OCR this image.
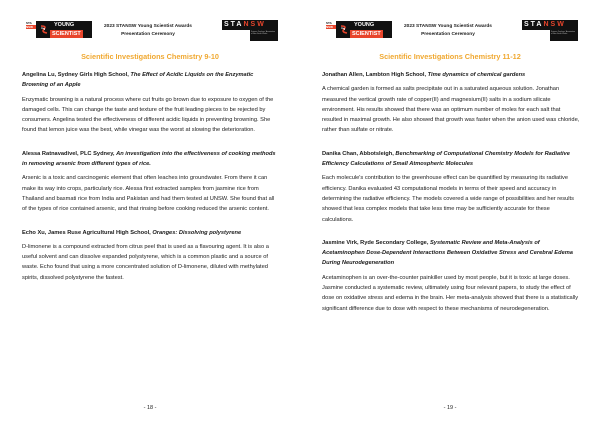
STA
NSW	YOUNG
SCIENTIST
2023 STANSW Young Scientist Awards
Presentation Ceremony
STANSW
Science Teachers' Association of New South Wales
Scientific Investigations Chemistry 9-10

Angelina Lu, Sydney Girls High School, The Effect of Acidic Liquids on the Enzymatic Browning of an Apple

Enzymatic browning is a natural process where cut fruits go brown due to exposure to oxygen of the damaged cells. This can change the taste and texture of the fruit leading pieces to be rejected by consumers. Angelina tested the effectiveness of different acidic liquids in preventing browning. She found that lemon juice was the best, while vinegar was the worst at slowing the deterioration.

Alessa Ratnavadivel, PLC Sydney, An investigation into the effectiveness of cooking methods in removing arsenic from different types of rice.

Arsenic is a toxic and carcinogenic element that often leaches into groundwater. From there it can make its way into crops, particularly rice. Alessa first extracted samples from jasmine rice from Thailand and basmati rice from India and Pakistan and had them tested at UNSW. She found that all of the types of rice contained arsenic, and that rinsing before cooking reduced the arsenic content.

Echo Xu, James Ruse Agricultural High School, Oranges: Dissolving polystyrene

D-limonene is a compound extracted from citrus peel that is used as a flavouring agent. It is also a useful solvent and can dissolve expanded polystyrene, which is a common plastic and a source of waste. Echo found that using a more concentrated solution of D-limonene, diluted with methylated spirits, dissolved polystyrene the fastest.

- 18 -
STA
NSW	YOUNG
SCIENTIST
2023 STANSW Young Scientist Awards
Presentation Ceremony
STANSW
Science Teachers' Association of New South Wales
Scientific Investigations Chemistry 11-12

Jonathan Allen, Lambton High School, Time dynamics of chemical gardens

A chemical garden is formed as salts precipitate out in a saturated aqueous solution. Jonathan measured the vertical growth rate of copper(II) and magnesium(II) salts in a sodium silicate environment. His results showed that there was an optimum number of moles for each salt that resulted in maximal growth. He also showed that growth was faster when the anion used was chloride, rather than sulfate or nitrate.

Danika Chan, Abbotsleigh, Benchmarking of Computational Chemistry Models for Radiative Efficiency Calculations of Small Atmospheric Molecules

Each molecule's contribution to the greenhouse effect can be quantified by measuring its radiative efficiency. Danika evaluated 43 computational models in terms of their speed and accuracy in determining the radiative efficiency. The models covered a wide range of possibilities and her results showed that less complex models that take less time may be sufficiently accurate for these calculations.

Jasmine Virk, Ryde Secondary College, Systematic Review and Meta-Analysis of Acetaminophen Dose-Dependent Interactions Between Oxidative Stress and Cerebral Edema During Neurodegeneration

Acetaminophen is an over-the-counter painkiller used by most people, but it is toxic at large doses. Jasmine conducted a systematic review, ultimately using four relevant papers, to study the effect of dose on oxidative stress and edema in the brain. Her meta-analysis showed that there is a statistically significant difference due to dose with respect to these mechanisms of neurodegeneration.

- 19 -
